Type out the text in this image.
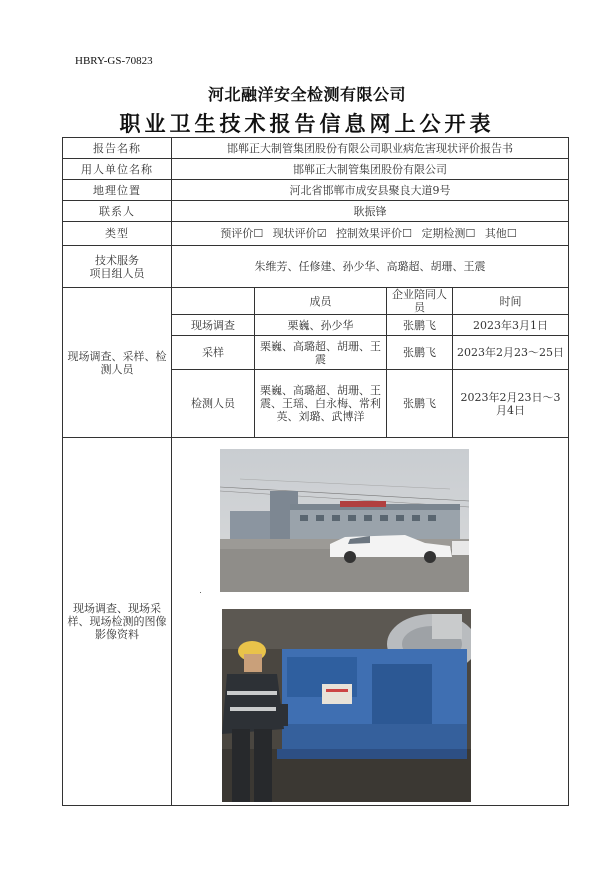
HBRY-GS-70823
河北融洋安全检测有限公司
职业卫生技术报告信息网上公开表
报告名称	邯郸正大制管集团股份有限公司职业病危害现状评价报告书			
用人单位名称	邯郸正大制管集团股份有限公司			
地理位置	河北省邯郸市成安县聚良大道9号			
联系人	耿振锋			
类型	预评价☐ 现状评价☑ 控制效果评价☐ 定期检测☐ 其他☐			

技术服务
项目组人员	朱维芳、任修建、孙少华、高璐超、胡珊、王震			
现场调查、采样、检测人员		成员	企业陪同人员	时间
	现场调查	栗巍、孙少华	张鹏飞	2023年3月1日
	采样	栗巍、高璐超、胡珊、王震	张鹏飞	2023年2月23～25日
	检测人员	栗巍、高璐超、胡珊、王震、王瑶、白永梅、常利英、刘璐、武博洋	张鹏飞	2023年2月23日～3月4日
现场调查、现场采样、现场检测的图像影像资料				
